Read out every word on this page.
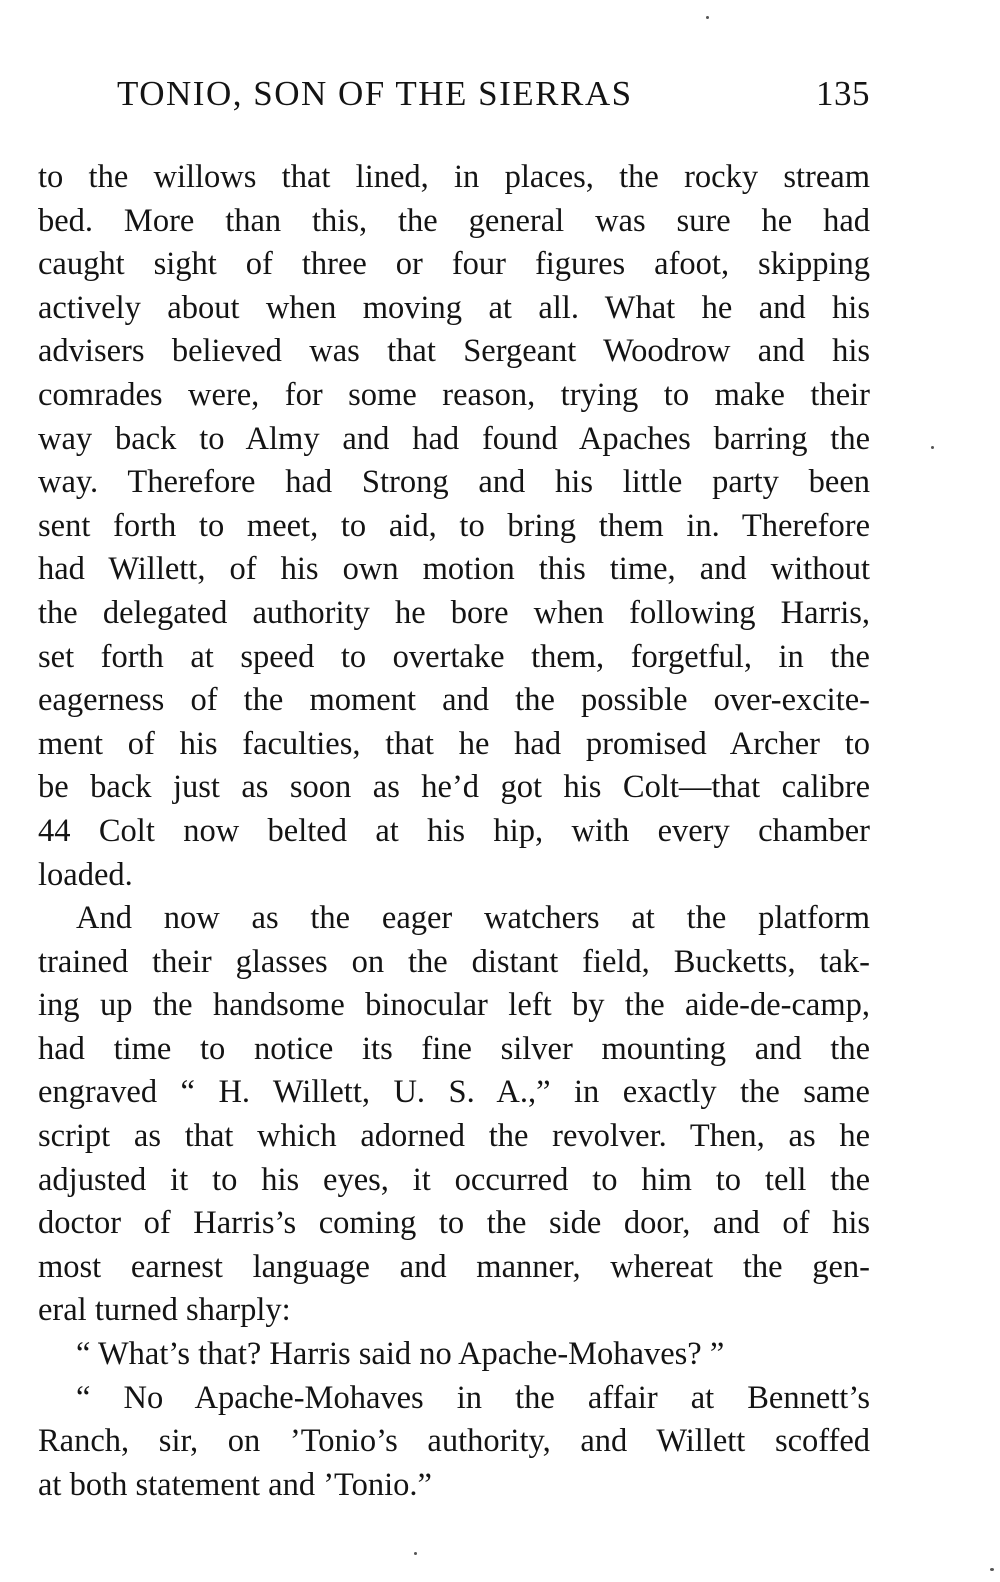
TONIO, SON OF THE SIERRAS	135
to the willows that lined, in places, the rocky stream
bed. More than this, the general was sure he had
caught sight of three or four figures afoot, skipping
actively about when moving at all. What he and his
advisers believed was that Sergeant Woodrow and his
comrades were, for some reason, trying to make their
way back to Almy and had found Apaches barring the
way. Therefore had Strong and his little party been
sent forth to meet, to aid, to bring them in. Therefore
had Willett, of his own motion this time, and without
the delegated authority he bore when following Harris,
set forth at speed to overtake them, forgetful, in the
eagerness of the moment and the possible over-excite-
ment of his faculties, that he had promised Archer to
be back just as soon as he’d got his Colt—that calibre
44 Colt now belted at his hip, with every chamber
loaded.
And now as the eager watchers at the platform
trained their glasses on the distant field, Bucketts, tak-
ing up the handsome binocular left by the aide-de-camp,
had time to notice its fine silver mounting and the
engraved “ H. Willett, U. S. A.,” in exactly the same
script as that which adorned the revolver. Then, as he
adjusted it to his eyes, it occurred to him to tell the
doctor of Harris’s coming to the side door, and of his
most earnest language and manner, whereat the gen-
eral turned sharply:
“ What’s that? Harris said no Apache-Mohaves? ”
“ No Apache-Mohaves in the affair at Bennett’s
Ranch, sir, on ’Tonio’s authority, and Willett scoffed
at both statement and ’Tonio.”
